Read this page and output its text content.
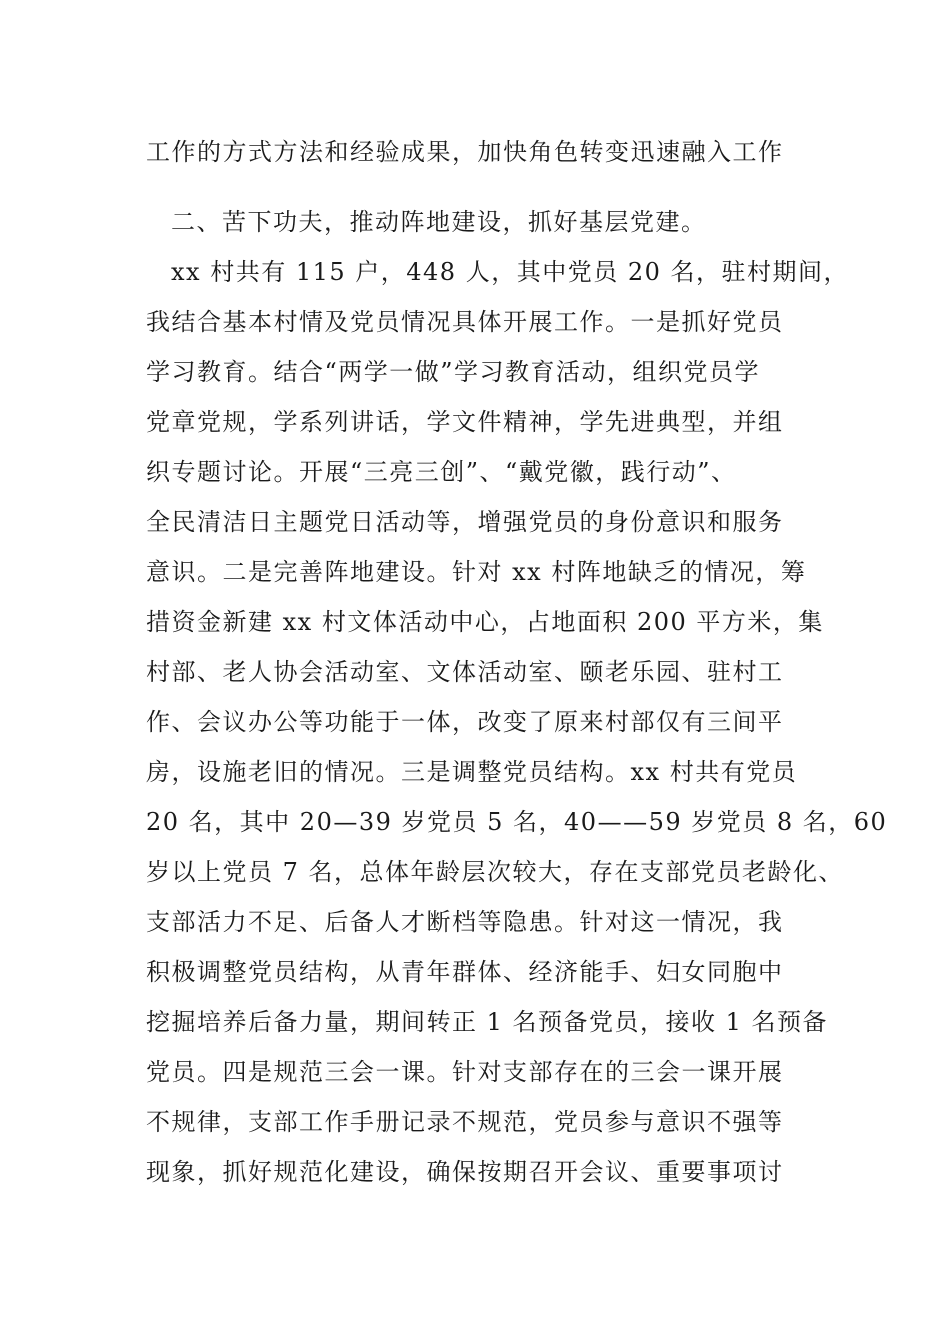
工作的方式方法和经验成果，加快角色转变迅速融入工作
二、苦下功夫，推动阵地建设，抓好基层党建。
xx 村共有 115 户，448 人，其中党员 20 名，驻村期间，
我结合基本村情及党员情况具体开展工作。一是抓好党员
学习教育。结合“两学一做”学习教育活动，组织党员学
党章党规，学系列讲话，学文件精神，学先进典型，并组
织专题讨论。开展“三亮三创”、“戴党徽，践行动”、
全民清洁日主题党日活动等，增强党员的身份意识和服务
意识。二是完善阵地建设。针对 xx 村阵地缺乏的情况，筹
措资金新建 xx 村文体活动中心，占地面积 200 平方米，集
村部、老人协会活动室、文体活动室、颐老乐园、驻村工
作、会议办公等功能于一体，改变了原来村部仅有三间平
房，设施老旧的情况。三是调整党员结构。xx 村共有党员
20 名，其中 20—39 岁党员 5 名，40——59 岁党员 8 名，60
岁以上党员 7 名，总体年龄层次较大，存在支部党员老龄化、
支部活力不足、后备人才断档等隐患。针对这一情况，我
积极调整党员结构，从青年群体、经济能手、妇女同胞中
挖掘培养后备力量，期间转正 1 名预备党员，接收 1 名预备
党员。四是规范三会一课。针对支部存在的三会一课开展
不规律，支部工作手册记录不规范，党员参与意识不强等
现象，抓好规范化建设，确保按期召开会议、重要事项讨
